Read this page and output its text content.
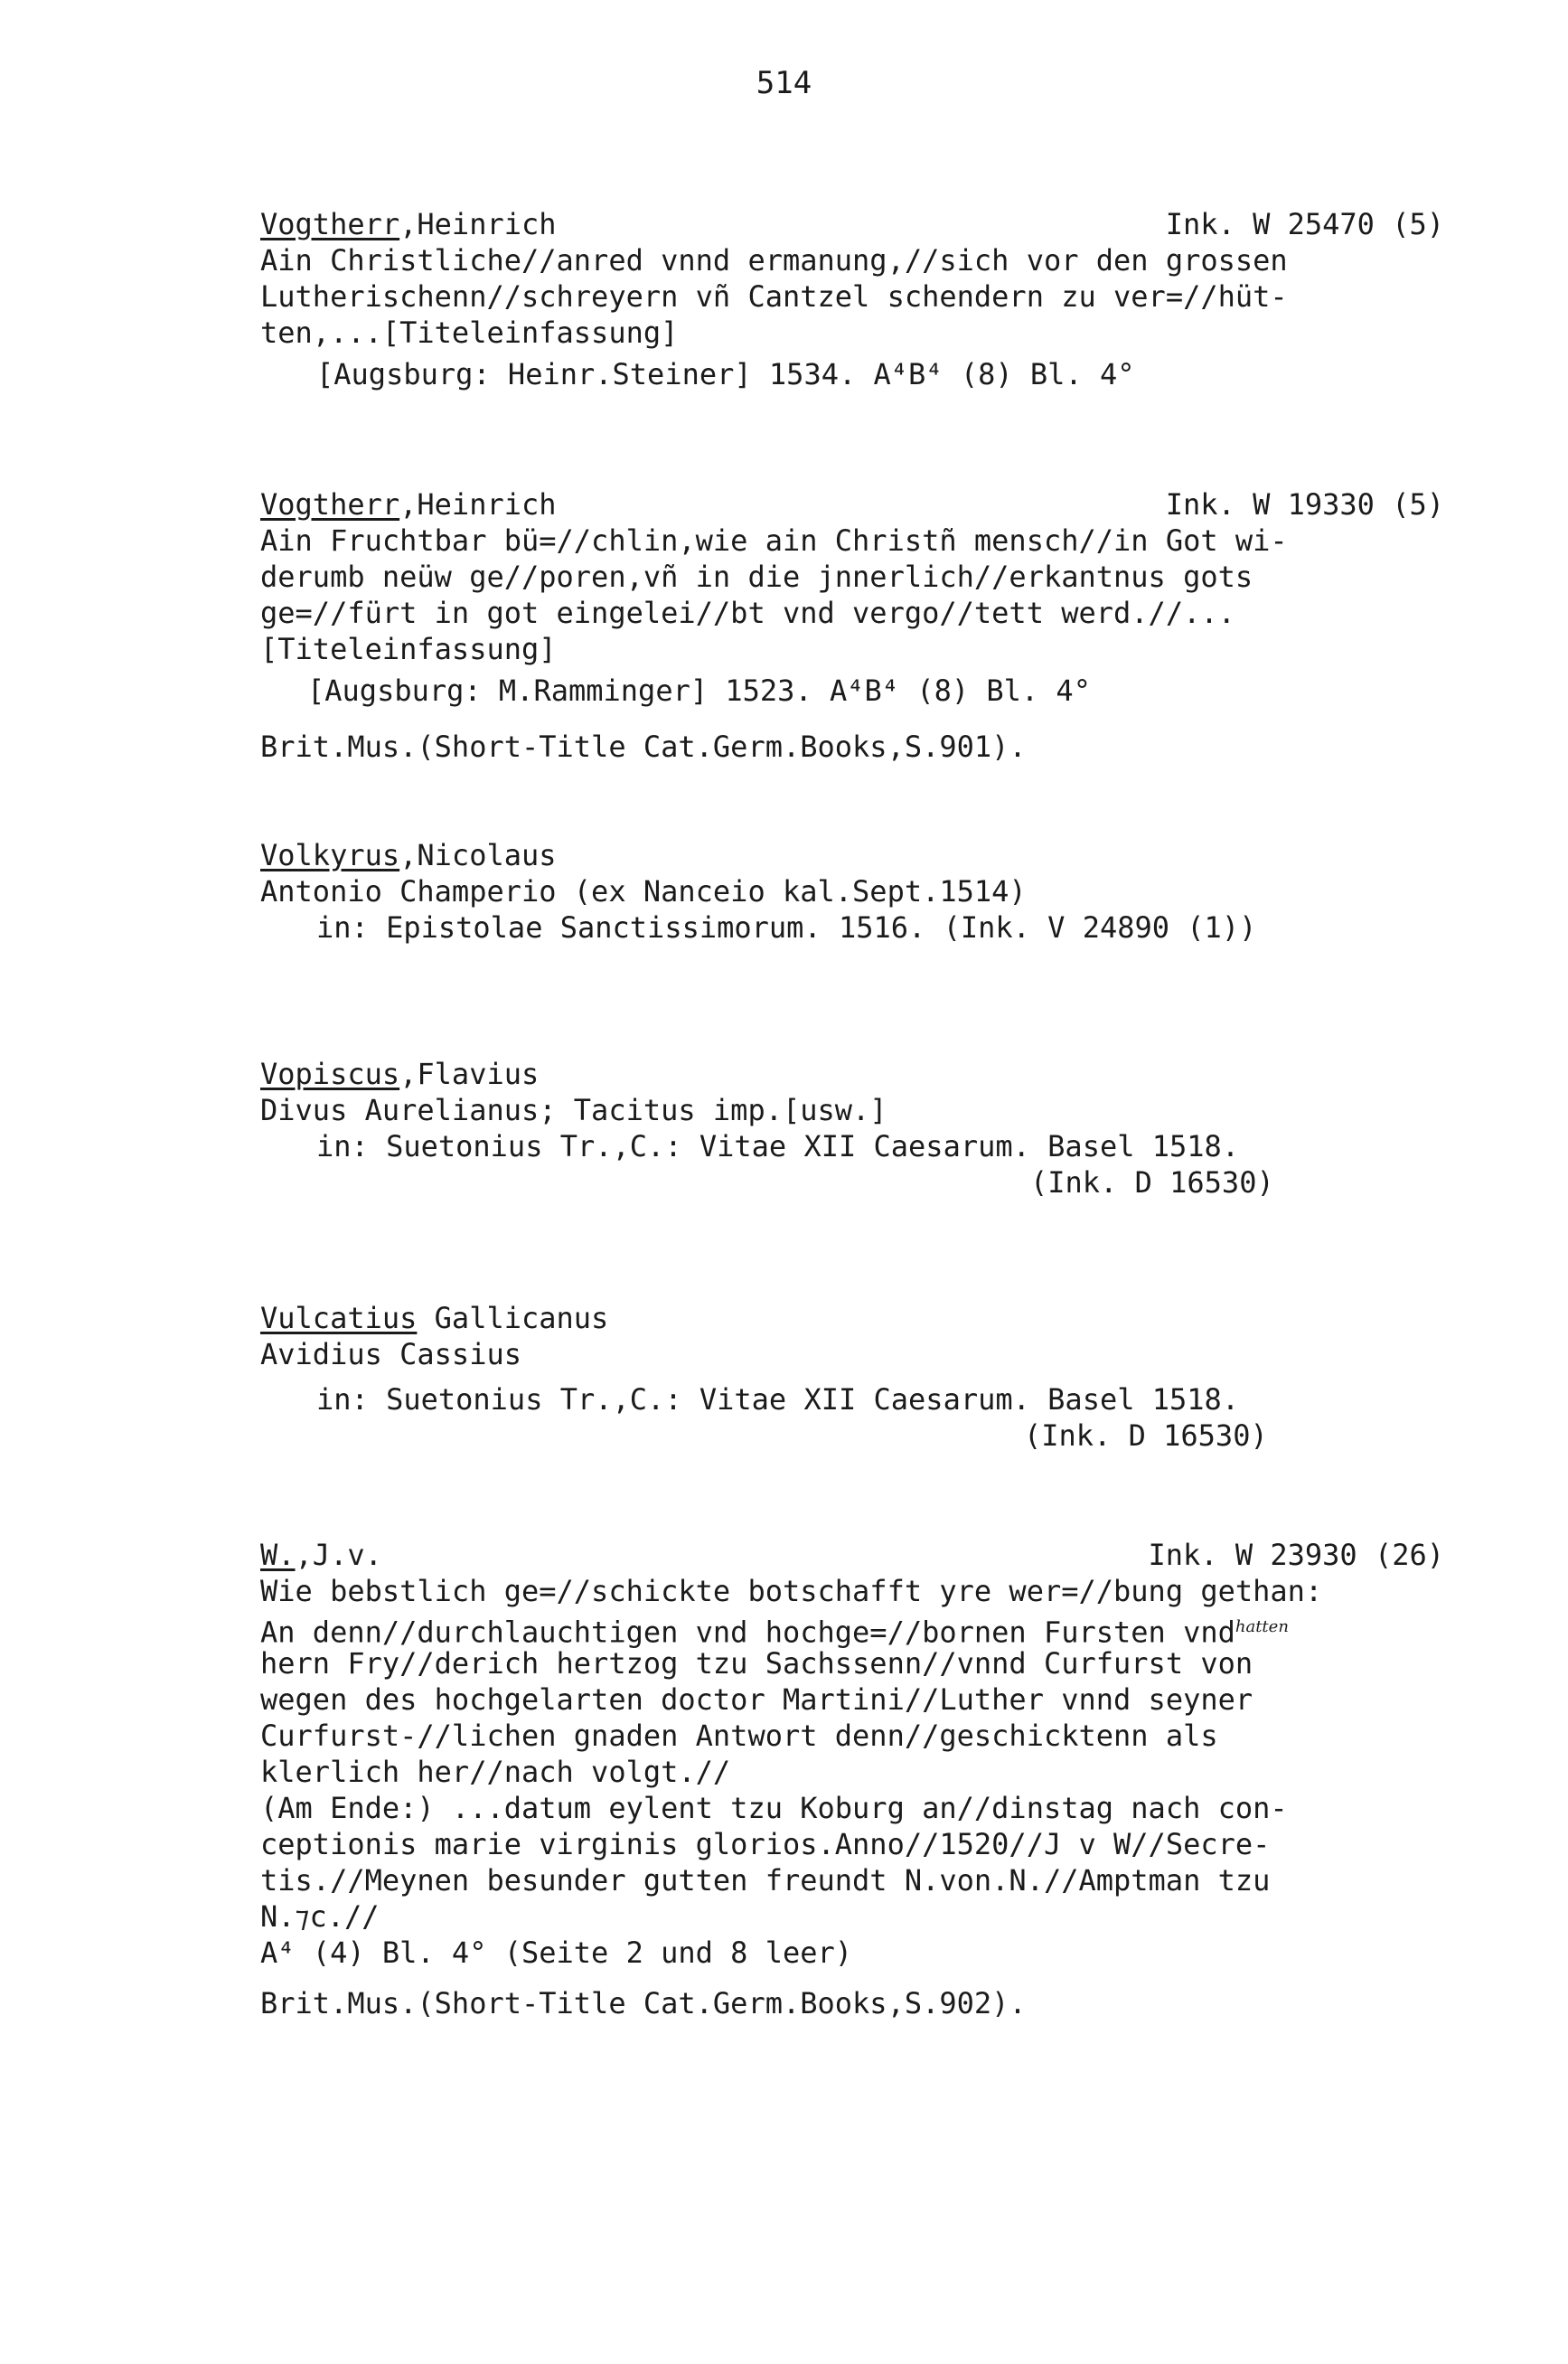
514
Vogtherr,Heinrich	Ink. W 25470 (5)
Ain Christliche//anred vnnd ermanung,//sich vor den grossen
Lutherischenn//schreyern vñ Cantzel schendern zu ver=//hüt-
ten,...[Titeleinfassung]
[Augsburg: Heinr.Steiner] 1534. A⁴B⁴ (8) Bl. 4°
Vogtherr,Heinrich	Ink. W 19330 (5)
Ain Fruchtbar bü=//chlin,wie ain Christñ mensch//in Got wi-
derumb neüw ge//poren,vñ in die jnnerlich//erkantnus gots
ge=//fürt in got eingelei//bt vnd vergo//tett werd.//...
[Titeleinfassung]
[Augsburg: M.Ramminger] 1523. A⁴B⁴ (8) Bl. 4°
Brit.Mus.(Short-Title Cat.Germ.Books,S.901).
Volkyrus,Nicolaus
Antonio Champerio (ex Nanceio kal.Sept.1514)
in: Epistolae Sanctissimorum. 1516. (Ink. V 24890 (1))
Vopiscus,Flavius
Divus Aurelianus; Tacitus imp.[usw.]
in: Suetonius Tr.,C.: Vitae XII Caesarum. Basel 1518.
(Ink. D 16530)
Vulcatius Gallicanus
Avidius Cassius
in: Suetonius Tr.,C.: Vitae XII Caesarum. Basel 1518.
(Ink. D 16530)
W.,J.v.	Ink. W 23930 (26)
Wie bebstlich ge=//schickte botschafft yre wer=//bung gethan:
An denn//durchlauchtigen vnd hochge=//bornen Fursten vnd$^{hatten}$
hern Fry//derich hertzog tzu Sachssenn//vnnd Curfurst von
wegen des hochgelarten doctor Martini//Luther vnnd seyner
Curfurst-//lichen gnaden Antwort denn//geschicktenn als
klerlich her//nach volgt.//
(Am Ende:) ...datum eylent tzu Koburg an//dinstag nach con-
ceptionis marie virginis glorios.Anno//1520//J v W//Secre-
tis.//Meynen besunder gutten freundt N.von.N.//Amptman tzu
N.⁊c.//
A⁴ (4) Bl. 4° (Seite 2 und 8 leer)
Brit.Mus.(Short-Title Cat.Germ.Books,S.902).
